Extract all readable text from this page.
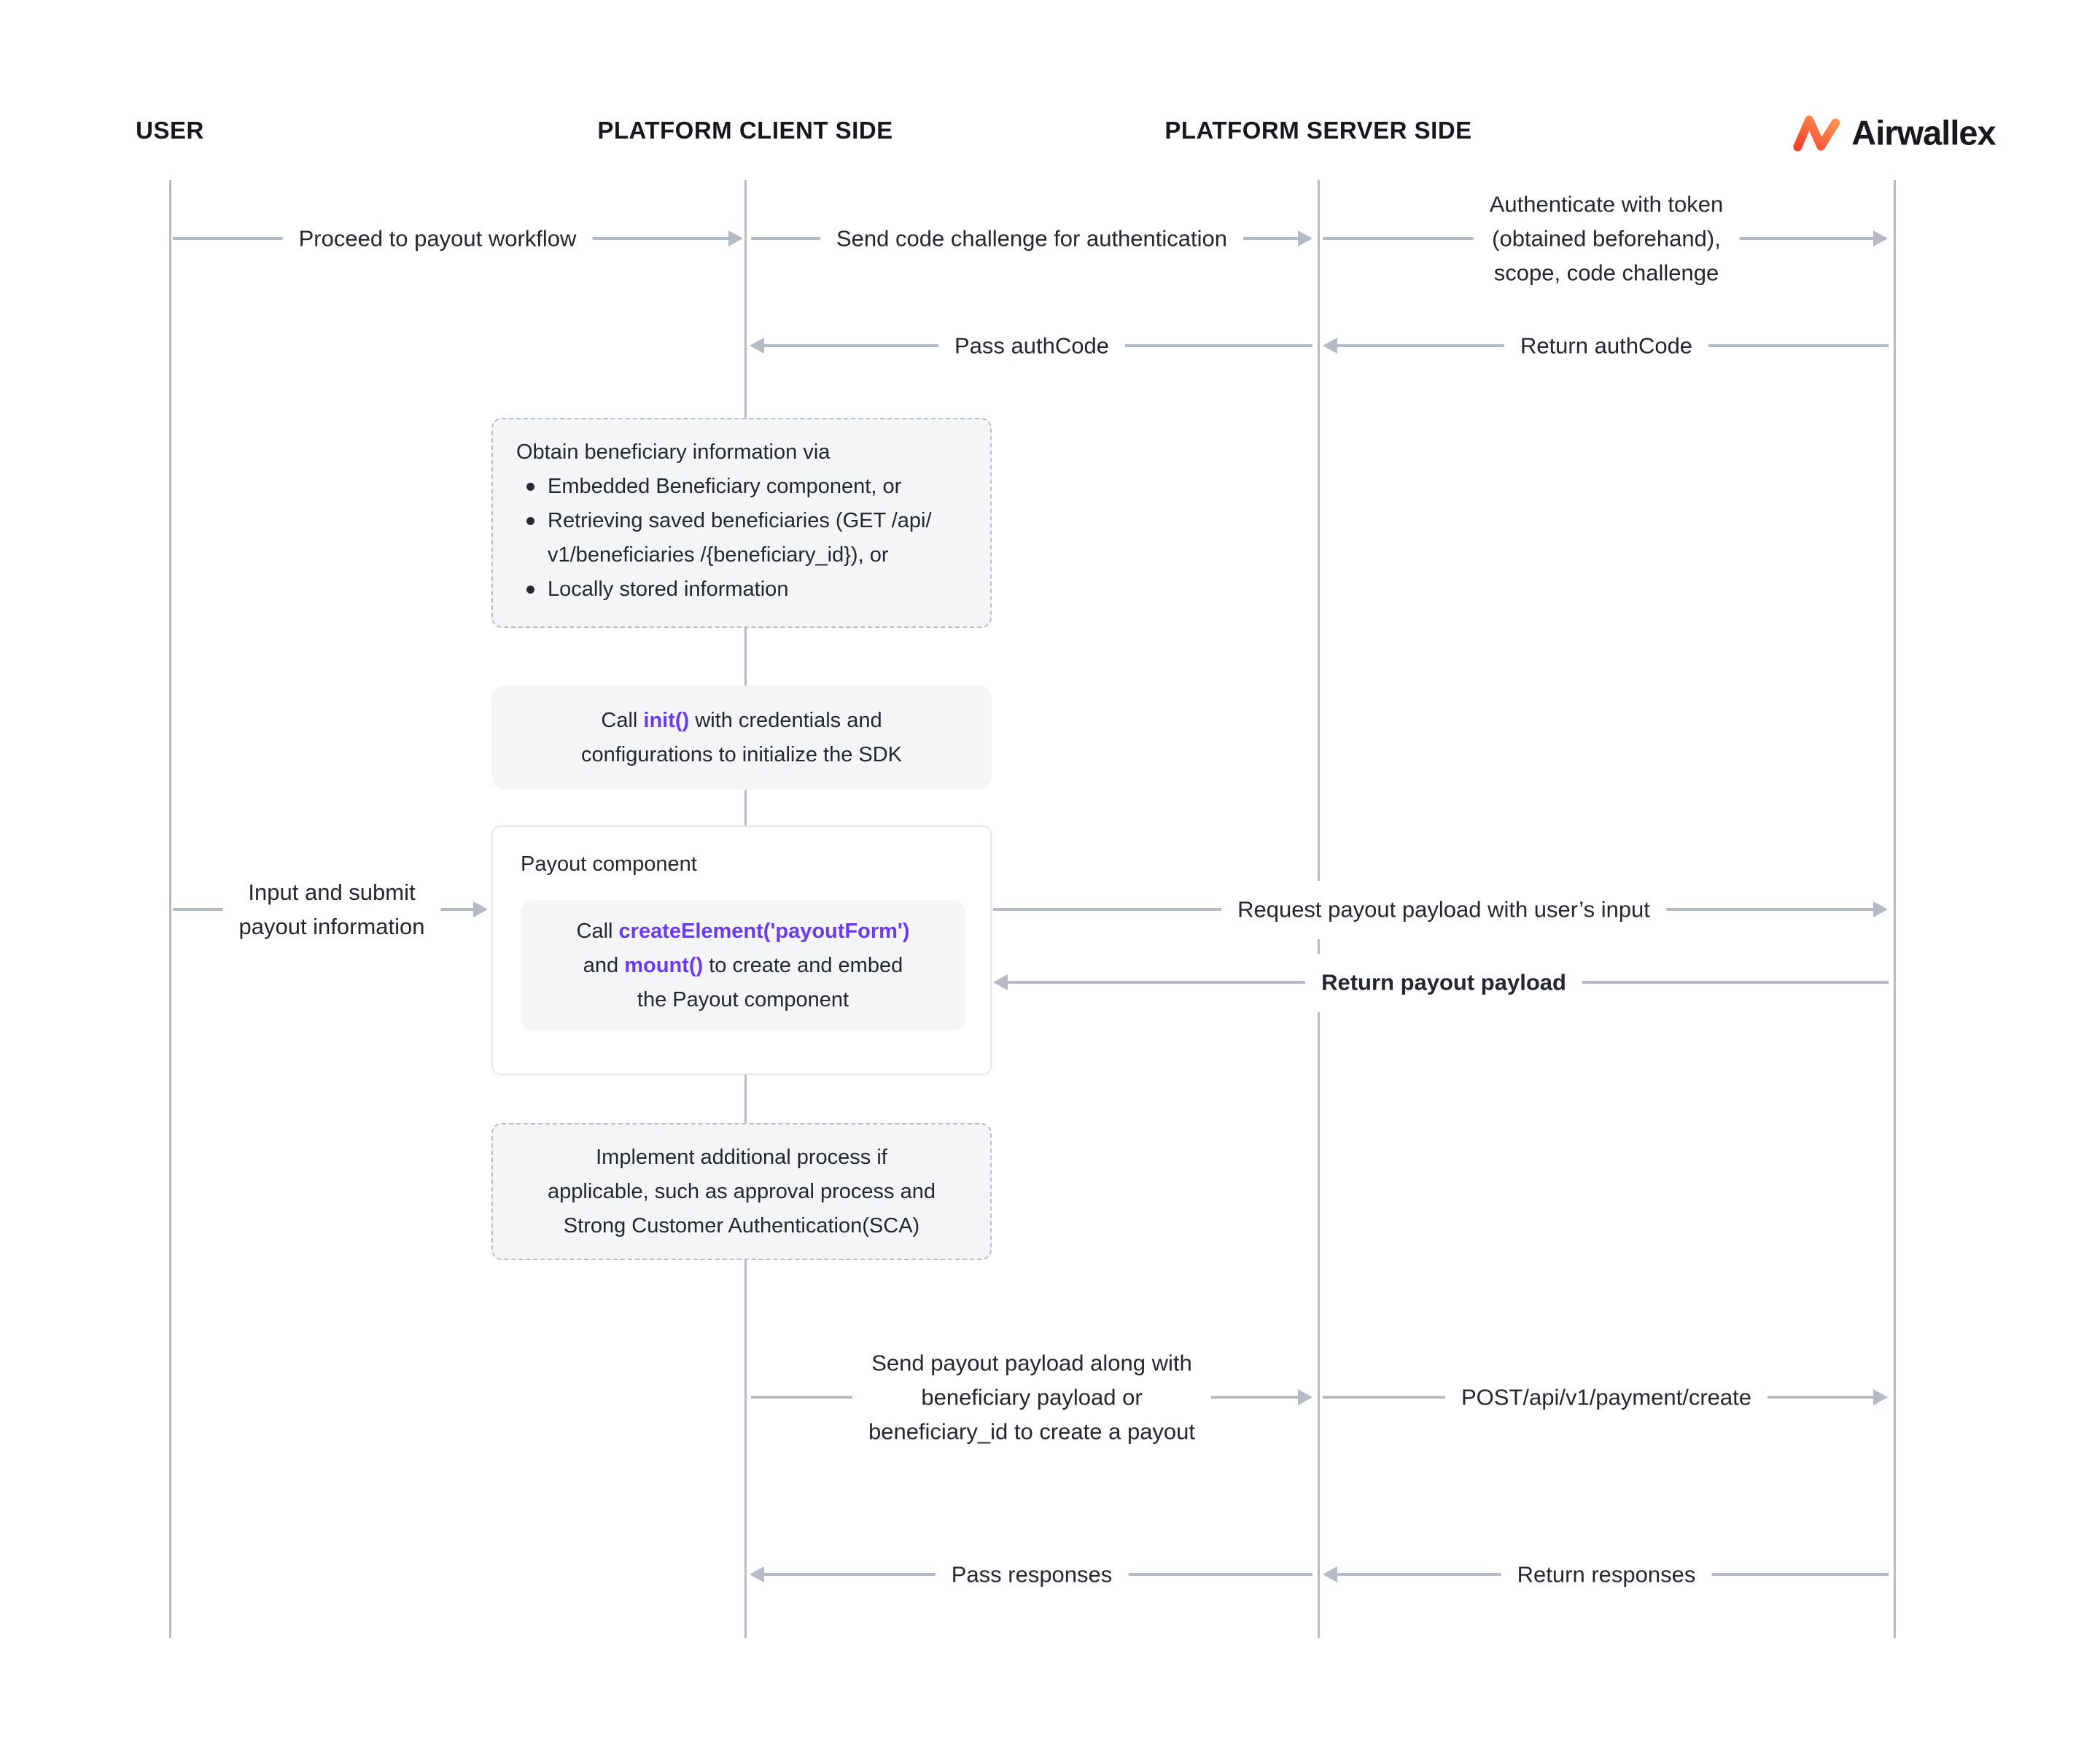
USER	PLATFORM CLIENT SIDE	PLATFORM SERVER SIDE	Airwallex
Proceed to payout workflow	Send code challenge for authentication
Authenticate with token
(obtained beforehand),
scope, code challenge
Pass authCode	Return authCode
Obtain beneficiary information via
Embedded Beneficiary component, or
Retrieving saved beneficiaries (GET /api/
v1/beneficiaries /{beneficiary_id}), or
Locally stored information
Call init() with credentials and
configurations to initialize the SDK
Payout component
Call createElement('payoutForm')
and mount() to create and embed
the Payout component
Input and submit
payout information
Request payout payload with user’s input
Return payout payload
Implement additional process if
applicable, such as approval process and
Strong Customer Authentication(SCA)
Send payout payload along with
beneficiary payload or
beneficiary_id to create a payout
POST/api/v1/payment/create
Pass responses	Return responses
